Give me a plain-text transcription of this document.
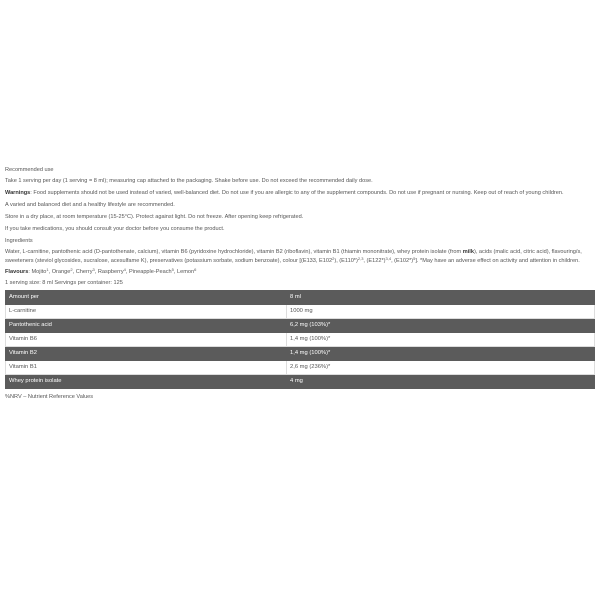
Recommended use

Take 1 serving per day (1 serving = 8 ml); measuring cap attached to the packaging. Shake before use. Do not exceed the recommended daily dose.

Warnings: Food supplements should not be used instead of varied, well-balanced diet. Do not use if you are allergic to any of the supplement compounds. Do not use if pregnant or nursing. Keep out of reach of young children.

A varied and balanced diet and a healthy lifestyle are recommended.

Store in a dry place, at room temperature (15-25°C). Protect against light. Do not freeze. After opening keep refrigerated.

If you take medications, you should consult your doctor before you consume the product.

Ingredients

Water, L-carnitine, pantothenic acid (D-pantothenate, calcium), vitamin B6 (pyridoxine hydrochloride), vitamin B2 (riboflavin), vitamin B1 (thiamin mononitrate), whey protein isolate (from milk), acids (malic acid, citric acid), flavouring/s, sweeteners (steviol glycosides, sucralose, acesulfame K), preservatives (potassium sorbate, sodium benzoate), colour [(E133, $E102^2$), $(E110*)^{2,3}$, $(E122*)^{3,4}$, $(E102*)^5$]. *May have an adverse effect on activity and attention in children.

Flavours: Mojito$^1$, Orange$^2$, Cherry$^3$, Raspberry$^4$, Pineapple-Peach$^5$, Lemon$^6$

1 serving size: 8 ml Servings per container: 125

Amount per	8 ml
L-carnitine	1000 mg
Pantothenic acid	6,2 mg (103%)*
Vitamin B6	1,4 mg (100%)*
Vitamin B2	1,4 mg (100%)*
Vitamin B1	2,6 mg (236%)*
Whey protein isolate	4 mg

%NRV – Nutrient Reference Values
